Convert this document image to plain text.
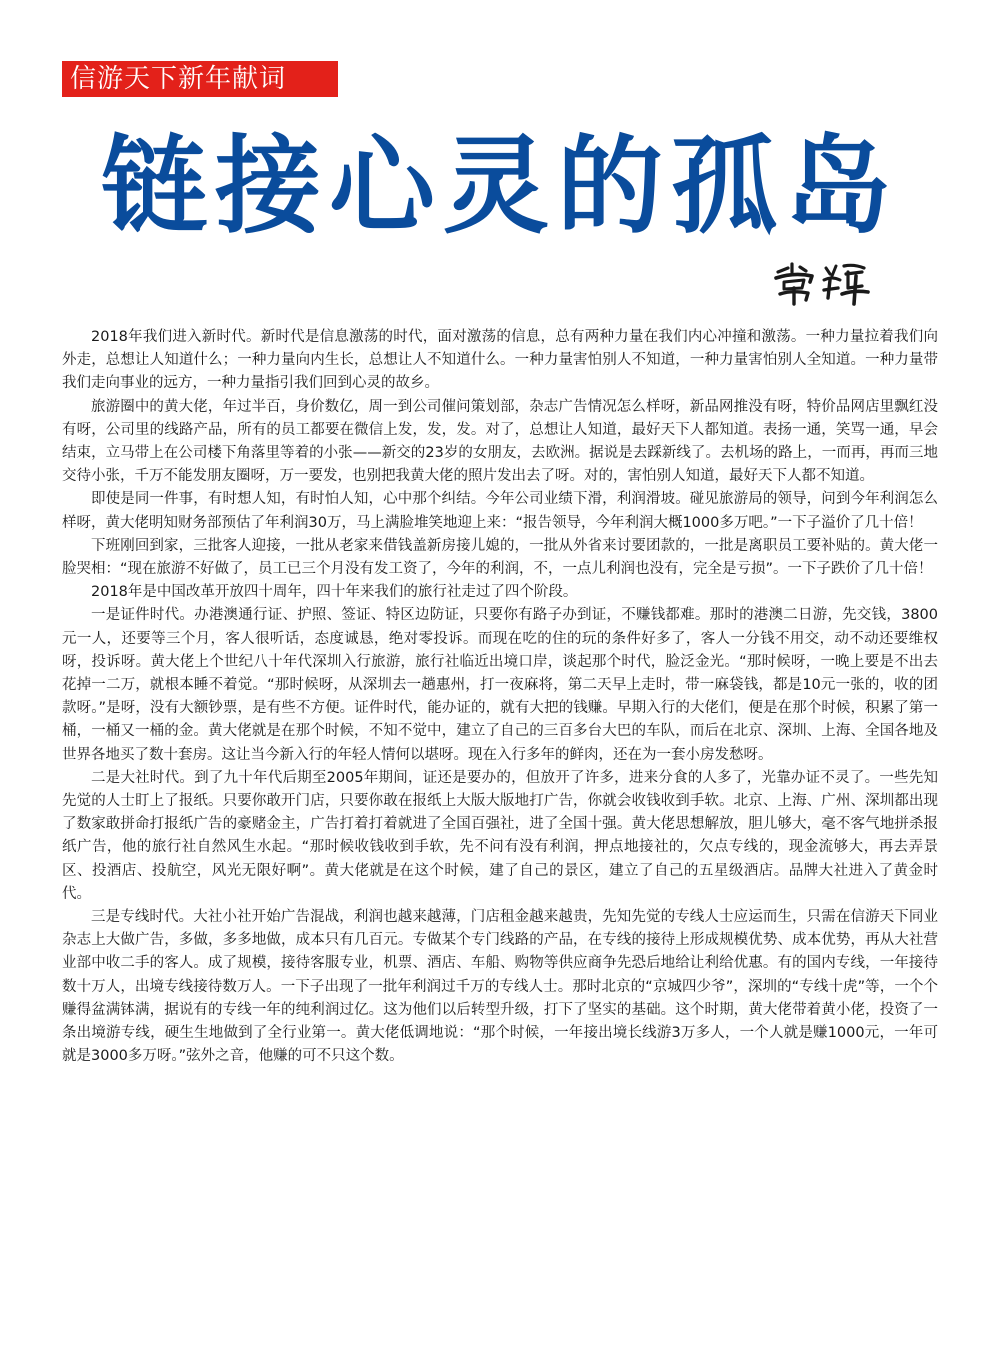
信游天下新年献词
链接心灵的孤岛

2018年我们进入新时代。新时代是信息激荡的时代，面对激荡的信息，总有两种力量在我们内心冲撞和激荡。一种力量拉着我们向外走，总想让人知道什么；一种力量向内生长，总想让人不知道什么。一种力量害怕别人不知道，一种力量害怕别人全知道。一种力量带我们走向事业的远方，一种力量指引我们回到心灵的故乡。

旅游圈中的黄大佬，年过半百，身价数亿，周一到公司催问策划部，杂志广告情况怎么样呀，新品网推没有呀，特价品网店里飘红没有呀，公司里的线路产品，所有的员工都要在微信上发，发，发。对了，总想让人知道，最好天下人都知道。表扬一通，笑骂一通，早会结束，立马带上在公司楼下角落里等着的小张——新交的23岁的女朋友，去欧洲。据说是去踩新线了。去机场的路上，一而再，再而三地交待小张，千万不能发朋友圈呀，万一要发，也别把我黄大佬的照片发出去了呀。对的，害怕别人知道，最好天下人都不知道。

即使是同一件事，有时想人知，有时怕人知，心中那个纠结。今年公司业绩下滑，利润滑坡。碰见旅游局的领导，问到今年利润怎么样呀，黄大佬明知财务部预估了年利润30万，马上满脸堆笑地迎上来：“报告领导，今年利润大概1000多万吧。”一下子溢价了几十倍！

下班刚回到家，三批客人迎接，一批从老家来借钱盖新房接儿媳的，一批从外省来讨要团款的，一批是离职员工要补贴的。黄大佬一脸哭相：“现在旅游不好做了，员工已三个月没有发工资了，今年的利润，不，一点儿利润也没有，完全是亏损”。一下子跌价了几十倍！

2018年是中国改革开放四十周年，四十年来我们的旅行社走过了四个阶段。

一是证件时代。办港澳通行证、护照、签证、特区边防证，只要你有路子办到证，不赚钱都难。那时的港澳二日游，先交钱，3800元一人，还要等三个月，客人很听话，态度诚恳，绝对零投诉。而现在吃的住的玩的条件好多了，客人一分钱不用交，动不动还要维权呀，投诉呀。黄大佬上个世纪八十年代深圳入行旅游，旅行社临近出境口岸，谈起那个时代，脸泛金光。“那时候呀，一晚上要是不出去花掉一二万，就根本睡不着觉。“那时候呀，从深圳去一趟惠州，打一夜麻将，第二天早上走时，带一麻袋钱，都是10元一张的，收的团款呀。”是呀，没有大额钞票，是有些不方便。证件时代，能办证的，就有大把的钱赚。早期入行的大佬们，便是在那个时候，积累了第一桶，一桶又一桶的金。黄大佬就是在那个时候，不知不觉中，建立了自己的三百多台大巴的车队，而后在北京、深圳、上海、全国各地及世界各地买了数十套房。这让当今新入行的年轻人情何以堪呀。现在入行多年的鲜肉，还在为一套小房发愁呀。

二是大社时代。到了九十年代后期至2005年期间，证还是要办的，但放开了许多，进来分食的人多了，光靠办证不灵了。一些先知先觉的人士盯上了报纸。只要你敢开门店，只要你敢在报纸上大版大版地打广告，你就会收钱收到手软。北京、上海、广州、深圳都出现了数家敢拼命打报纸广告的豪赌金主，广告打着打着就进了全国百强社，进了全国十强。黄大佬思想解放，胆儿够大，毫不客气地拼杀报纸广告，他的旅行社自然风生水起。“那时候收钱收到手软，先不问有没有利润，押点地接社的，欠点专线的，现金流够大，再去弄景区、投酒店、投航空，风光无限好啊”。黄大佬就是在这个时候，建了自己的景区，建立了自己的五星级酒店。品牌大社进入了黄金时代。

三是专线时代。大社小社开始广告混战，利润也越来越薄，门店租金越来越贵，先知先觉的专线人士应运而生，只需在信游天下同业杂志上大做广告，多做，多多地做，成本只有几百元。专做某个专门线路的产品，在专线的接待上形成规模优势、成本优势，再从大社营业部中收二手的客人。成了规模，接待客服专业，机票、酒店、车船、购物等供应商争先恐后地给让利给优惠。有的国内专线，一年接待数十万人，出境专线接待数万人。一下子出现了一批年利润过千万的专线人士。那时北京的“京城四少爷”，深圳的“专线十虎”等，一个个赚得盆满钵满，据说有的专线一年的纯利润过亿。这为他们以后转型升级，打下了坚实的基础。这个时期，黄大佬带着黄小佬，投资了一条出境游专线，硬生生地做到了全行业第一。黄大佬低调地说：“那个时候，一年接出境长线游3万多人，一个人就是赚1000元，一年可就是3000多万呀。”弦外之音，他赚的可不只这个数。
